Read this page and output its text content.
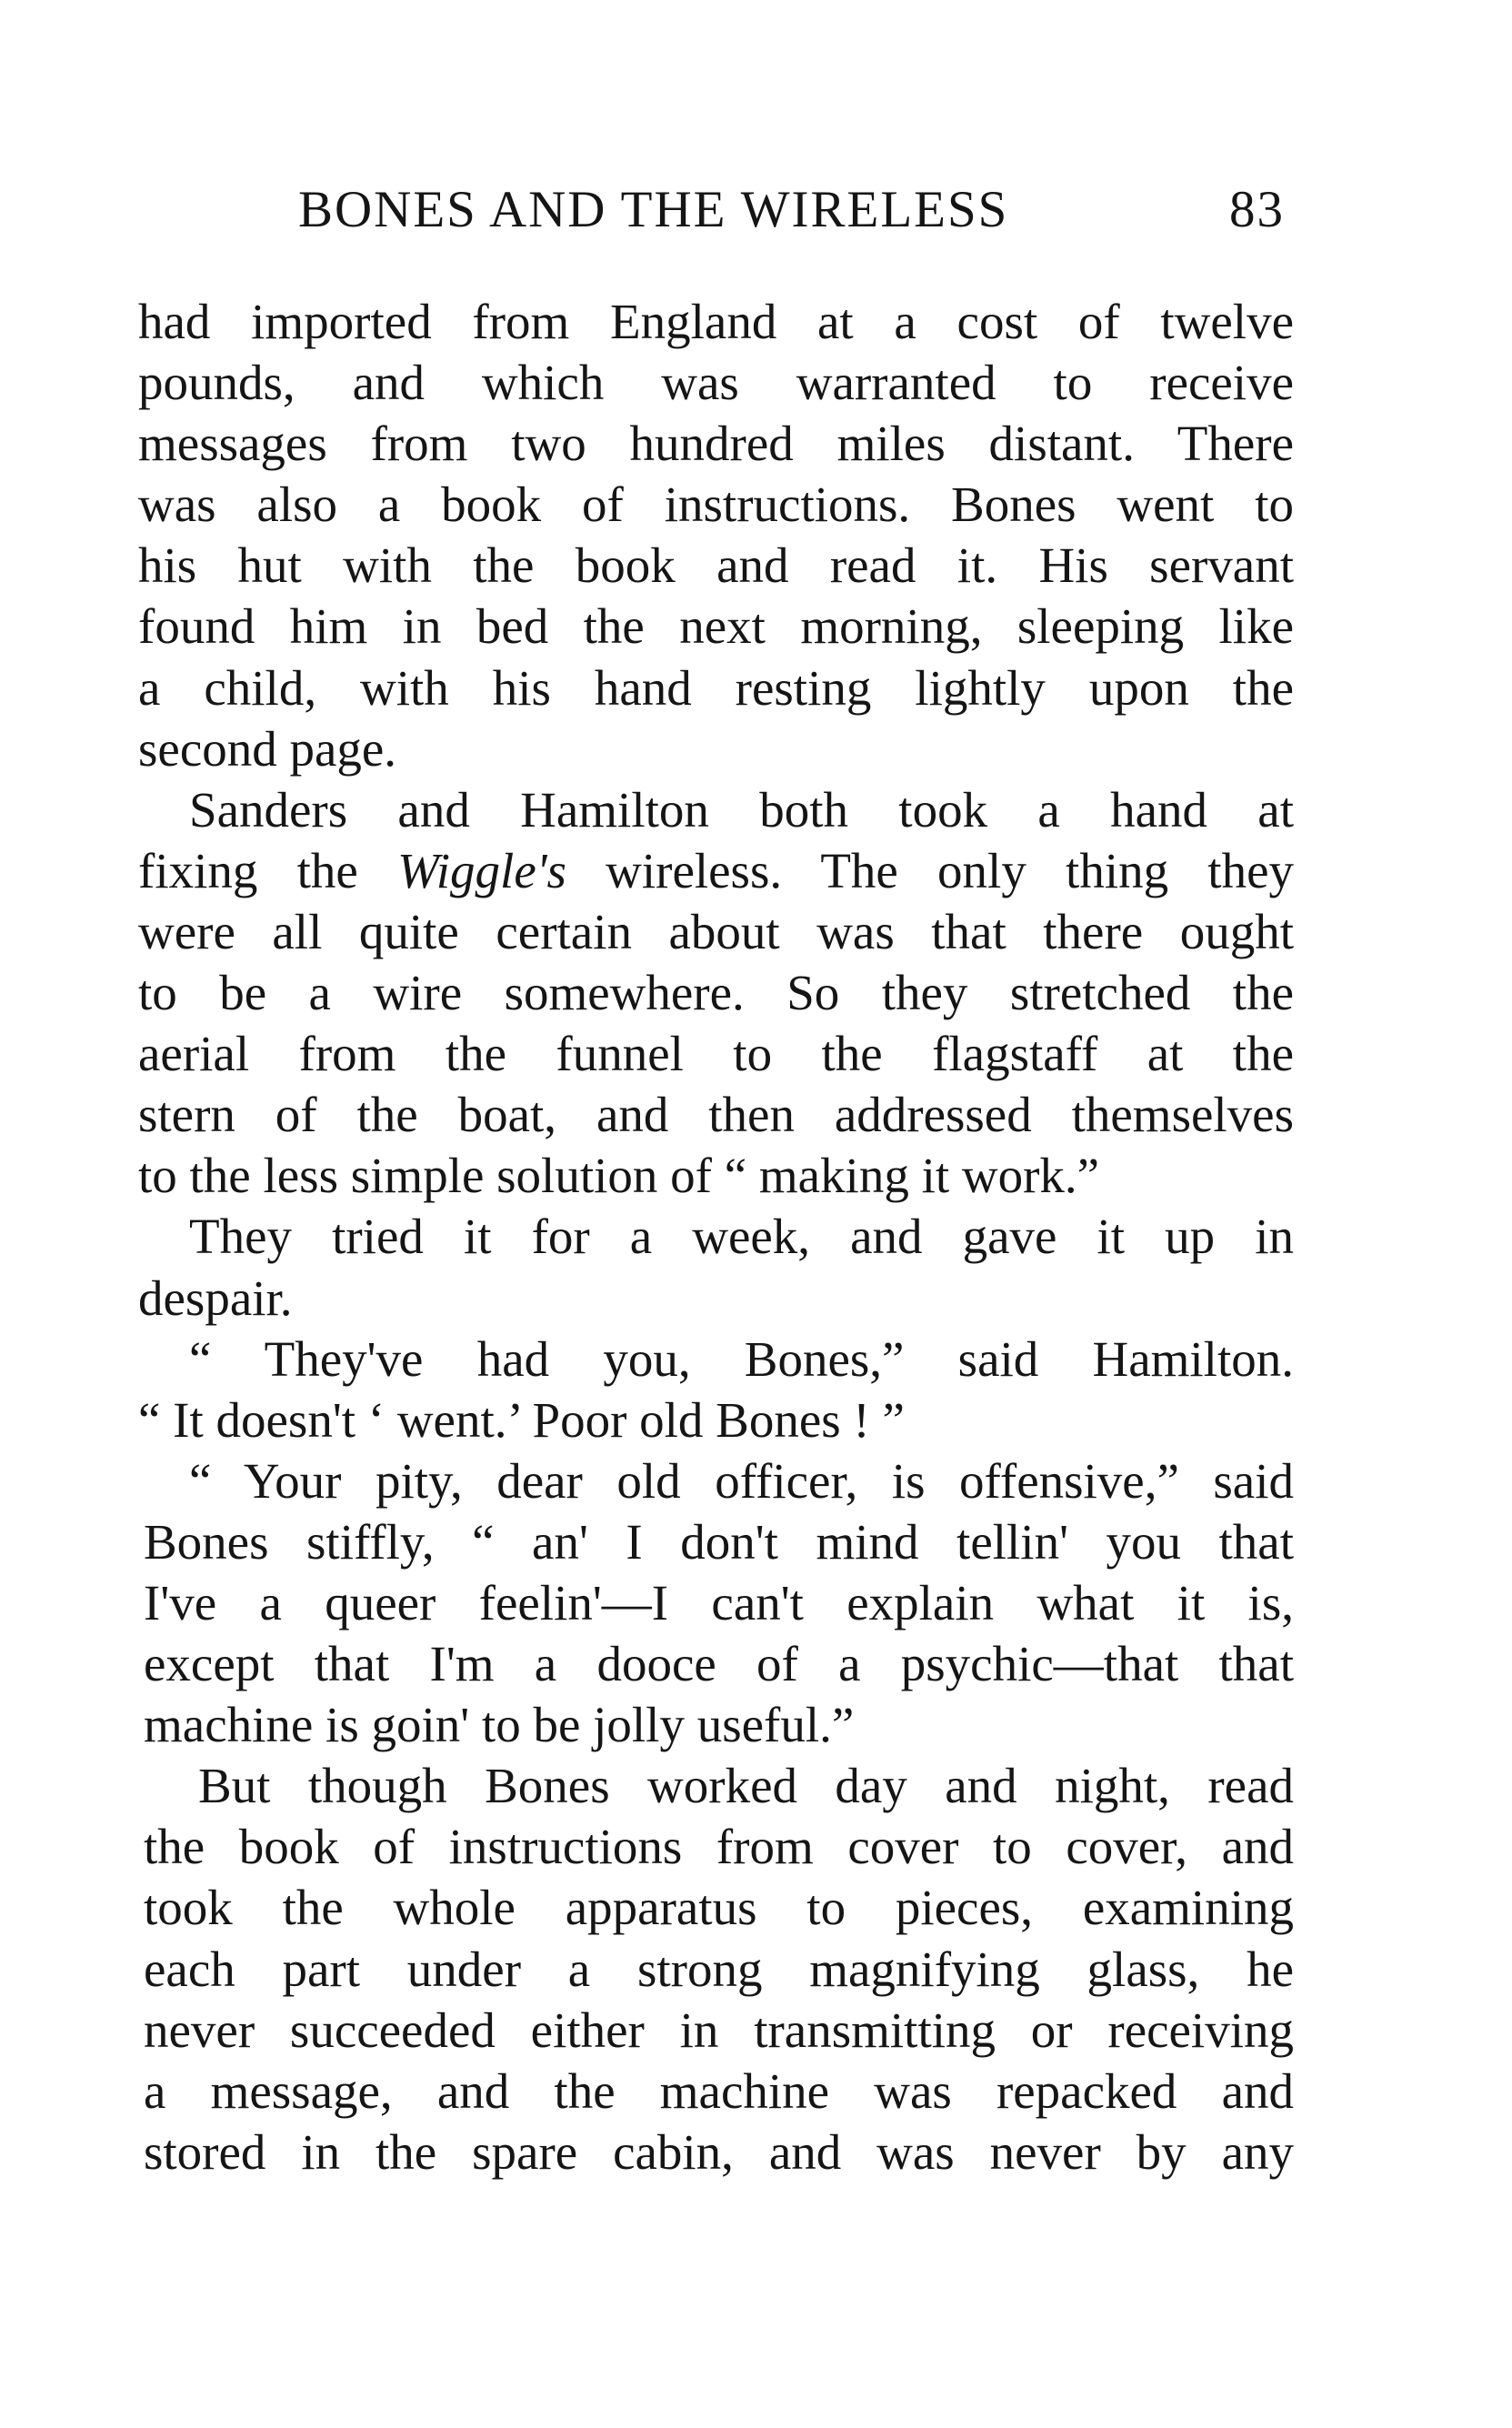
BONES AND THE WIRELESS	83
had imported from England at a cost of twelve
pounds, and which was warranted to receive
messages from two hundred miles distant. There
was also a book of instructions. Bones went to
his hut with the book and read it. His servant
found him in bed the next morning, sleeping like
a child, with his hand resting lightly upon the
second page.
Sanders and Hamilton both took a hand at
fixing the Wiggle's wireless. The only thing they
were all quite certain about was that there ought
to be a wire somewhere. So they stretched the
aerial from the funnel to the flagstaff at the
stern of the boat, and then addressed themselves
to the less simple solution of “ making it work.”
They tried it for a week, and gave it up in
despair.
“ They've had you, Bones,” said Hamilton.
“ It doesn't ‘ went.’ Poor old Bones ! ”
“ Your pity, dear old officer, is offensive,” said
Bones stiffly, “ an' I don't mind tellin' you that
I've a queer feelin'—I can't explain what it is,
except that I'm a dooce of a psychic—that that
machine is goin' to be jolly useful.”
But though Bones worked day and night, read
the book of instructions from cover to cover, and
took the whole apparatus to pieces, examining
each part under a strong magnifying glass, he
never succeeded either in transmitting or receiving
a message, and the machine was repacked and
stored in the spare cabin, and was never by any
